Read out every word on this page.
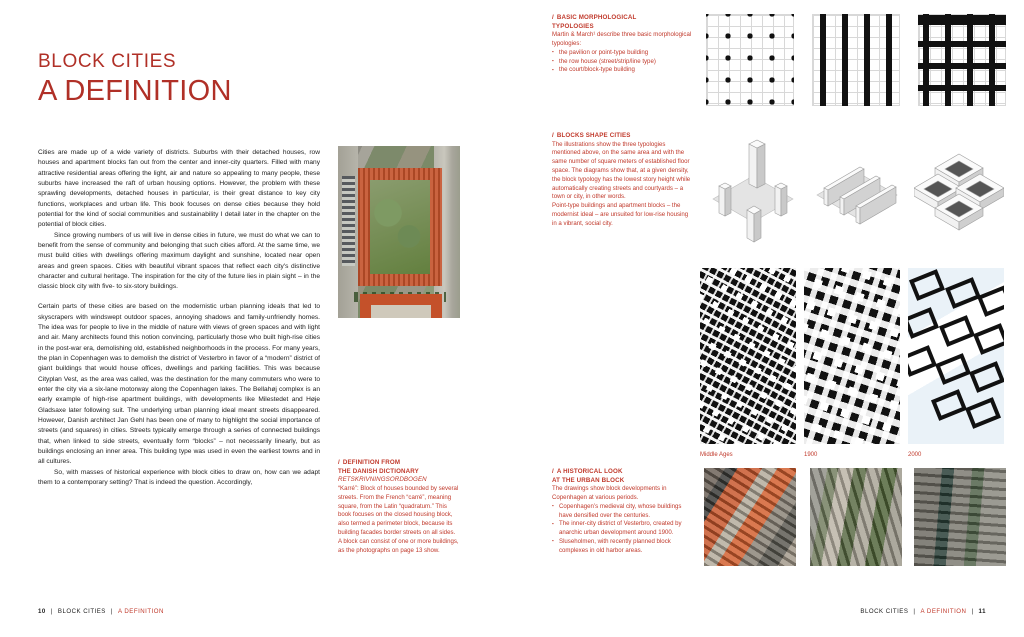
BLOCK CITIES
A DEFINITION

Cities are made up of a wide variety of districts. Suburbs with their detached houses, row houses and apartment blocks fan out from the center and inner-city quarters. Filled with many attractive residential areas offering the light, air and nature so appealing to many people, these suburbs have increased the raft of urban housing options. However, the problem with these sprawling developments, detached houses in particular, is their great distance to key city functions, workplaces and urban life. This book focuses on dense cities because they hold potential for the kind of social communities and sustainability I detail later in the chapter on the potential of block cities.

Since growing numbers of us will live in dense cities in future, we must do what we can to benefit from the sense of community and belonging that such cities afford. At the same time, we must build cities with dwellings offering maximum daylight and sunshine, located near open areas and green spaces. Cities with beautiful vibrant spaces that reflect each city's distinctive character and cultural heritage. The inspiration for the city of the future lies in plain sight – in the classic block city with five- to six-story buildings.

Certain parts of these cities are based on the modernistic urban planning ideals that led to skyscrapers with windswept outdoor spaces, annoying shadows and family-unfriendly homes. The idea was for people to live in the middle of nature with views of green spaces and with light and air. Many architects found this notion convincing, particularly those who built high-rise cities in the post-war era, demolishing old, established neighborhoods in the process. For many years, the plan in Copenhagen was to demolish the district of Vesterbro in favor of a “modern” district of giant buildings that would house offices, dwellings and parking facilities. This was because Cityplan Vest, as the area was called, was the destination for the many commuters who were to enter the city via a six-lane motorway along the Copenhagen lakes. The Bellahøj complex is an early example of high-rise apartment buildings, with developments like Milestedet and Høje Gladsaxe later following suit. The underlying urban planning ideal meant streets disappeared. However, Danish architect Jan Gehl has been one of many to highlight the social importance of streets (and squares) in cities. Streets typically emerge through a series of connected buildings that, when linked to side streets, eventually form “blocks” – not necessarily linearly, but as buildings enclosing an inner area. This building type was used in even the earliest towns and in all cultures.

So, with masses of historical experience with block cities to draw on, how can we adapt them to a contemporary setting? That is indeed the question. Accordingly,

/ BASIC MORPHOLOGICAL
TYPOLOGIES

Martin & March¹ describe three basic morphological typologies:

▪ the pavilion or point-type building
▪ the row house (street/strip/line type)
▪ the court/block-type building
/ BLOCKS SHAPE CITIES

The illustrations show the three typologies mentioned above, on the same area and with the same number of square meters of established floor space. The diagrams show that, at a given density, the block typology has the lowest story height while automatically creating streets and courtyards – a town or city, in other words.

Point-type buildings and apartment blocks – the modernist ideal – are unsuited for low-rise housing in a vibrant, social city.

/ DEFINITION FROM
THE DANISH DICTIONARY
RETSKRIVNINGSORDBOGEN

“Karré”: Block of houses bounded by several streets. From the French “carré”, meaning square, from the Latin “quadratum.” This book focuses on the closed housing block, also termed a perimeter block, because its building facades border streets on all sides. A block can consist of one or more buildings, as the photographs on page 13 show.

/ A HISTORICAL LOOK
AT THE URBAN BLOCK

The drawings show block developments in Copenhagen at various periods.

▪ Copenhagen’s medieval city, whose buildings have densified over the centuries.
▪ The inner-city district of Vesterbro, created by anarchic urban development around 1900.
▪ Sluseholmen, with recently planned block complexes in old harbor areas.
Middle Ages	1900	2000
10 | BLOCK CITIES | A DEFINITION	BLOCK CITIES | A DEFINITION | 11
